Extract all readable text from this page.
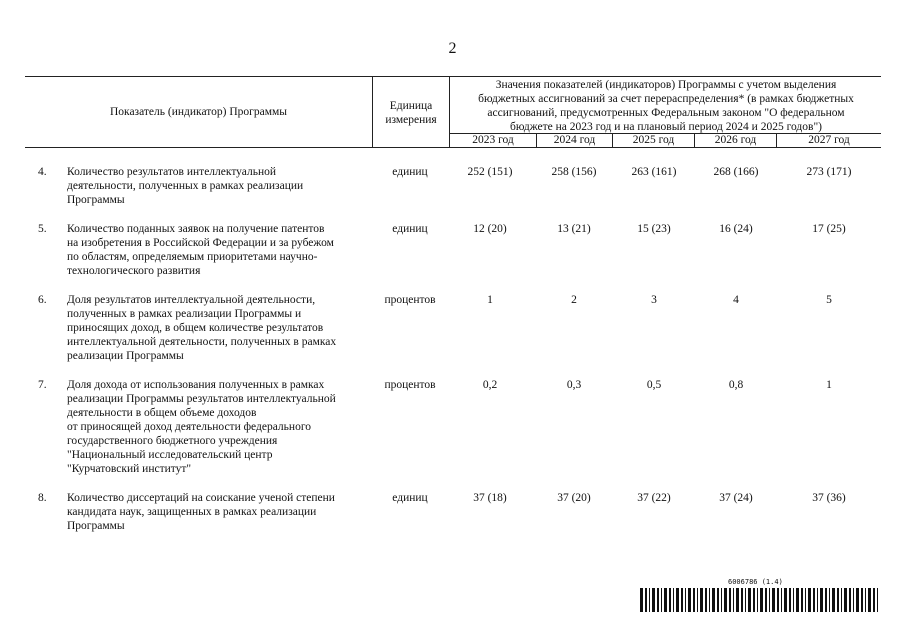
2
Показатель (индикатор) Программы	Единица
измерения
Значения показателей (индикаторов) Программы с учетом выделения
бюджетных ассигнований за счет перераспределения* (в рамках бюджетных
ассигнований, предусмотренных Федеральным законом "О федеральном
бюджете на 2023 год и на плановый период 2024 и 2025 годов")
2023 год	2024 год	2025 год	2026 год	2027 год
4. Количество результатов интеллектуальной
деятельности, полученных в рамках реализации
Программы
единиц	252 (151)	258 (156)	263 (161)	268 (166)	273 (171)
5. Количество поданных заявок на получение патентов
на изобретения в Российской Федерации и за рубежом
по областям, определяемым приоритетами научно-
технологического развития
единиц	12 (20)	13 (21)	15 (23)	16 (24)	17 (25)
6. Доля результатов интеллектуальной деятельности,
полученных в рамках реализации Программы и
приносящих доход, в общем количестве результатов
интеллектуальной деятельности, полученных в рамках
реализации Программы
процентов	1	2	3	4	5
7. Доля дохода от использования полученных в рамках
реализации Программы результатов интеллектуальной
деятельности в общем объеме доходов
от приносящей доход деятельности федерального
государственного бюджетного учреждения
"Национальный исследовательский центр
"Курчатовский институт"
процентов	0,2	0,3	0,5	0,8	1
8. Количество диссертаций на соискание ученой степени
кандидата наук, защищенных в рамках реализации
Программы
единиц	37 (18)	37 (20)	37 (22)	37 (24)	37 (36)
6006786 (1.4)
